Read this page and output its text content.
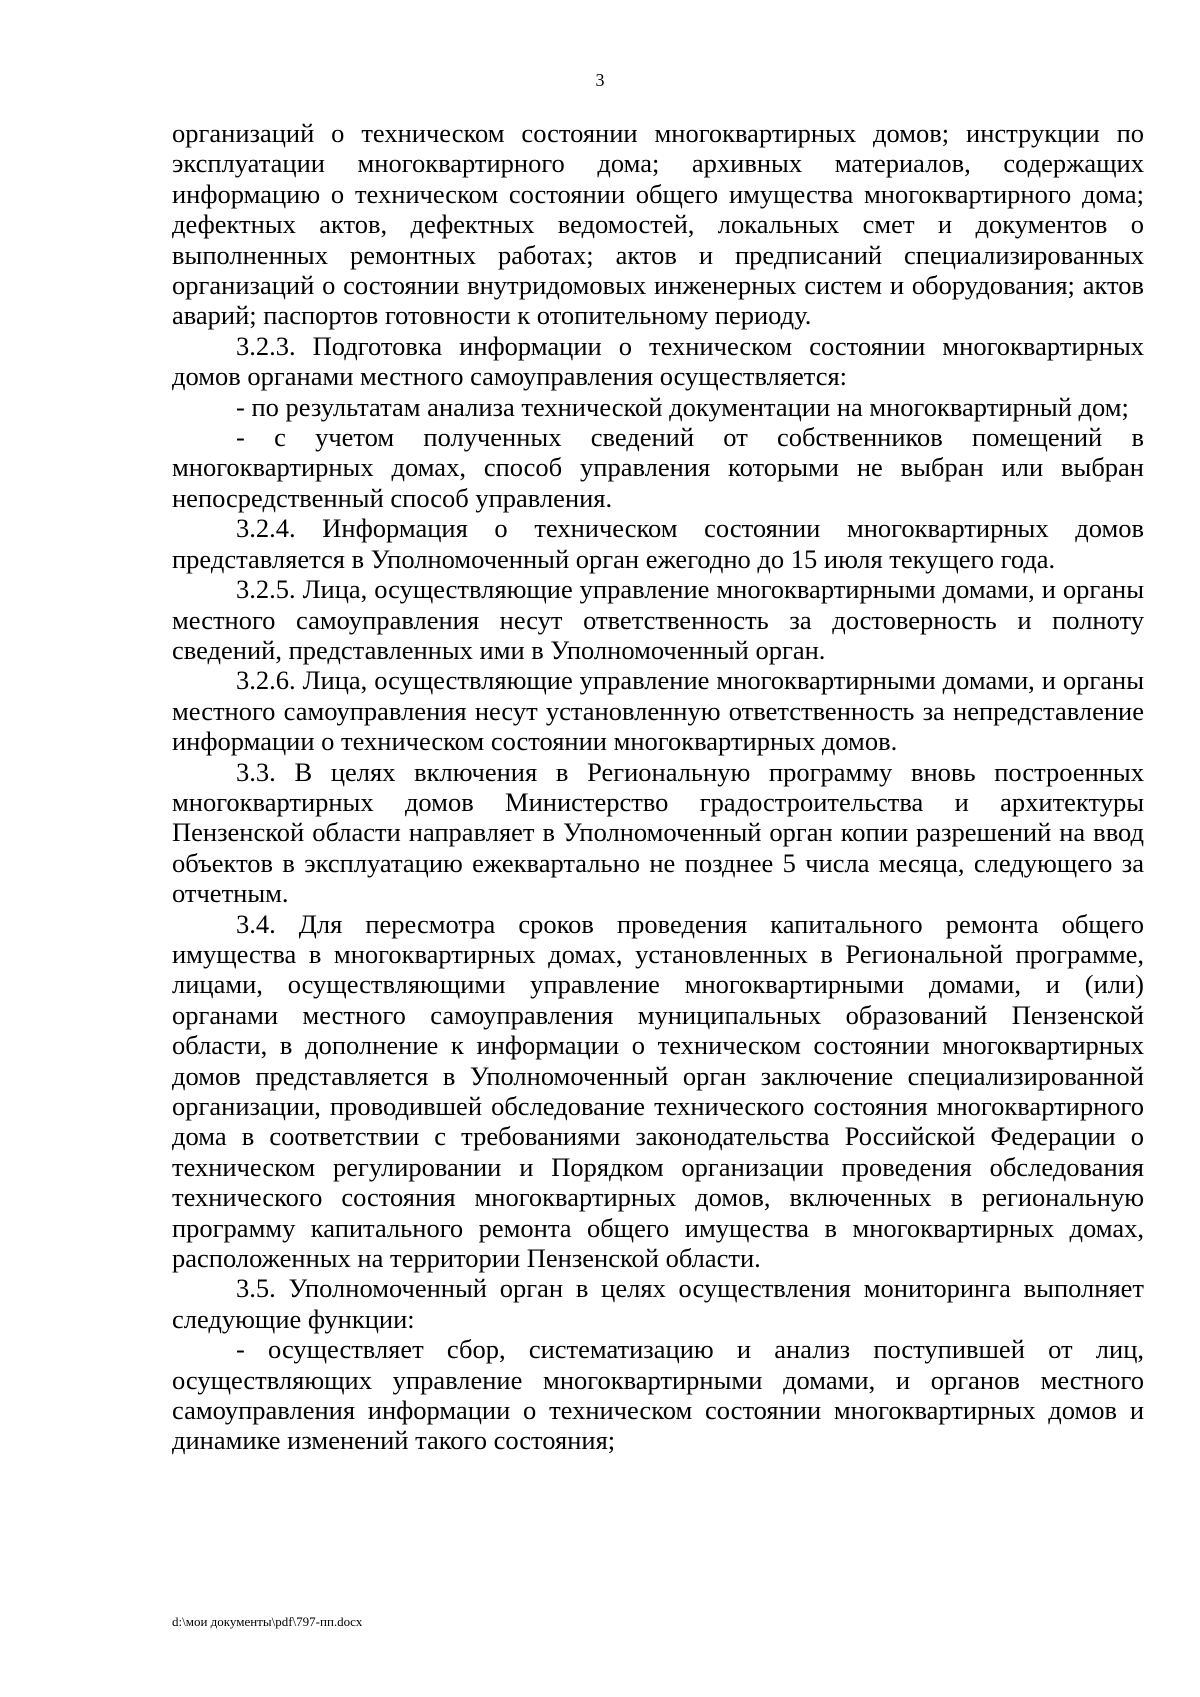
3

организаций о техническом состоянии многоквартирных домов; инструкции по эксплуатации многоквартирного дома; архивных материалов, содержащих информацию о техническом состоянии общего имущества многоквартирного дома; дефектных актов, дефектных ведомостей, локальных смет и документов о выполненных ремонтных работах; актов и предписаний специализированных организаций о состоянии внутридомовых инженерных систем и оборудования; актов аварий; паспортов готовности к отопительному периоду.

3.2.3. Подготовка информации о техническом состоянии многоквартирных домов органами местного самоуправления осуществляется:

- по результатам анализа технической документации на многоквартирный дом;

- с учетом полученных сведений от собственников помещений в многоквартирных домах, способ управления которыми не выбран или выбран непосредственный способ управления.

3.2.4. Информация о техническом состоянии многоквартирных домов представляется в Уполномоченный орган ежегодно до 15 июля текущего года.

3.2.5. Лица, осуществляющие управление многоквартирными домами, и органы местного самоуправления несут ответственность за достоверность и полноту сведений, представленных ими в Уполномоченный орган.

3.2.6. Лица, осуществляющие управление многоквартирными домами, и органы местного самоуправления несут установленную ответственность за непредставление информации о техническом состоянии многоквартирных домов.

3.3. В целях включения в Региональную программу вновь построенных многоквартирных домов Министерство градостроительства и архитектуры Пензенской области направляет в Уполномоченный орган копии разрешений на ввод объектов в эксплуатацию ежеквартально не позднее 5 числа месяца, следующего за отчетным.

3.4. Для пересмотра сроков проведения капитального ремонта общего имущества в многоквартирных домах, установленных в Региональной программе, лицами, осуществляющими управление многоквартирными домами, и (или) органами местного самоуправления муниципальных образований Пензенской области, в дополнение к информации о техническом состоянии многоквартирных домов представляется в Уполномоченный орган заключение специализированной организации, проводившей обследование технического состояния многоквартирного дома в соответствии с требованиями законодательства Российской Федерации о техническом регулировании и Порядком организации проведения обследования технического состояния многоквартирных домов, включенных в региональную программу капитального ремонта общего имущества в многоквартирных домах, расположенных на территории Пензенской области.

3.5. Уполномоченный орган в целях осуществления мониторинга выполняет следующие функции:

- осуществляет сбор, систематизацию и анализ поступившей от лиц, осуществляющих управление многоквартирными домами, и органов местного самоуправления информации о техническом состоянии многоквартирных домов и динамике изменений такого состояния;

d:\мои документы\pdf\797-пп.docx
